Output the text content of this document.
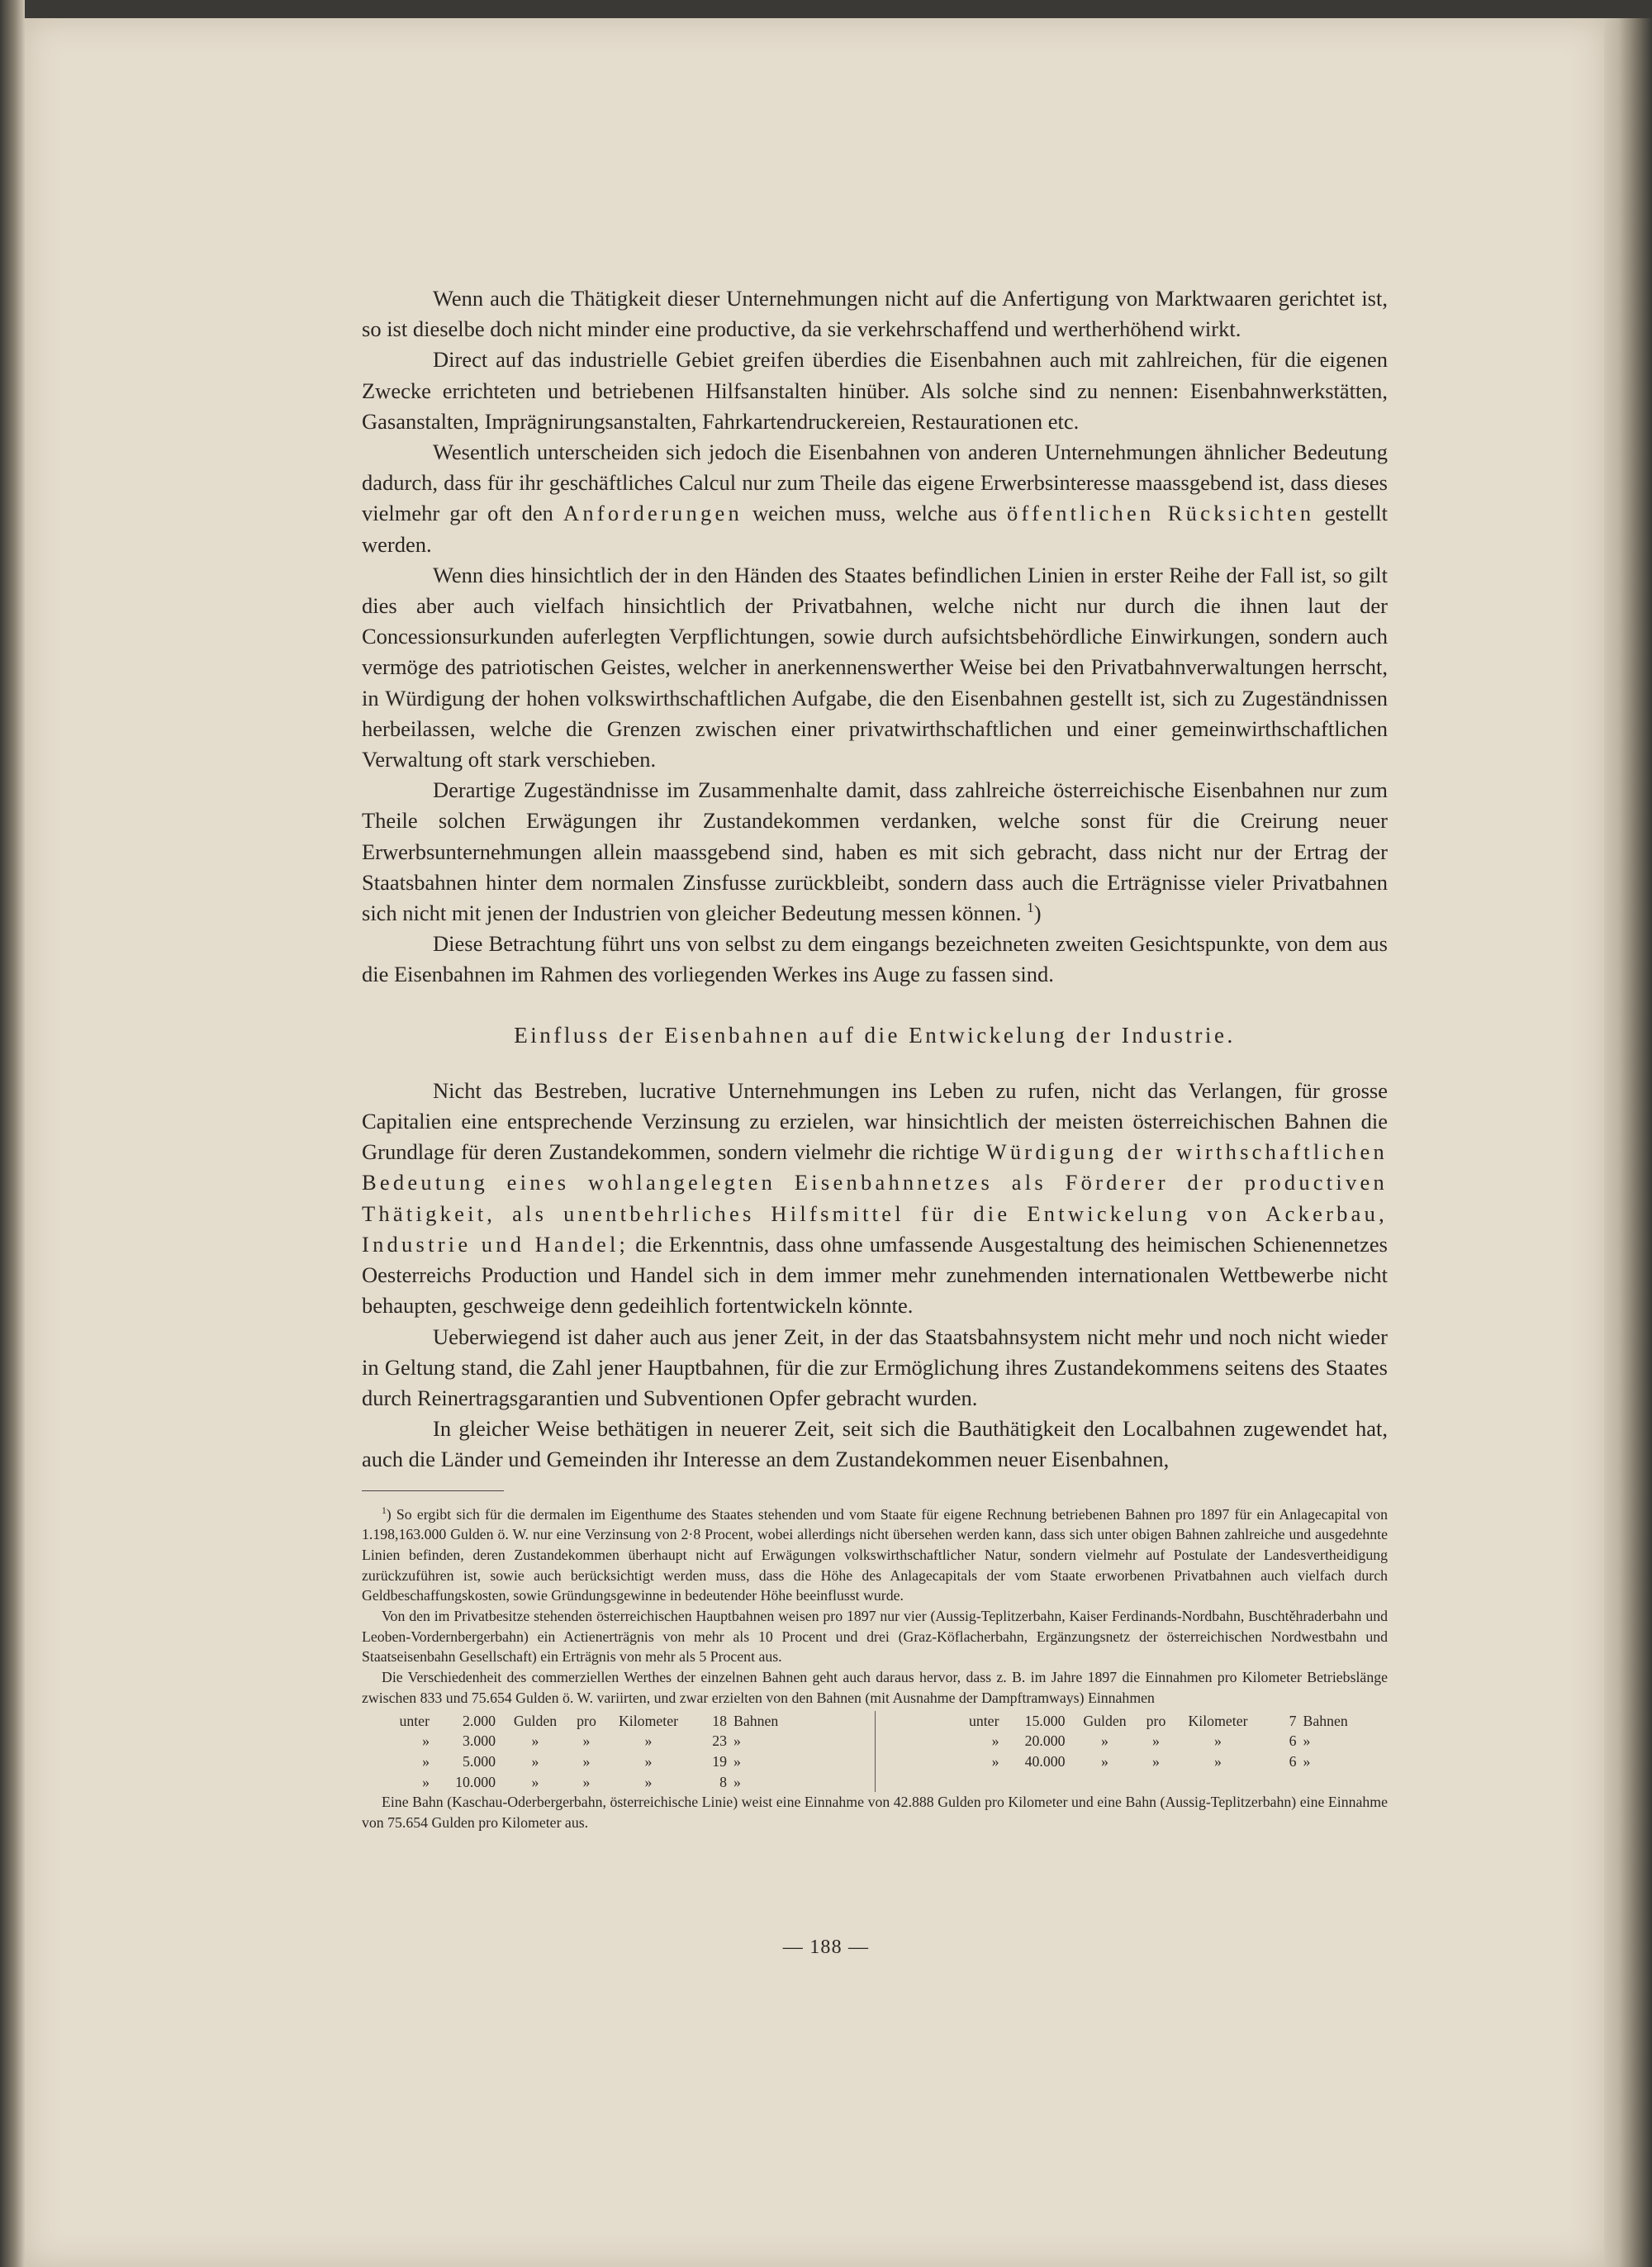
Wenn auch die Thätigkeit dieser Unternehmungen nicht auf die Anfertigung von Marktwaaren gerichtet ist, so ist dieselbe doch nicht minder eine productive, da sie verkehrschaffend und wertherhöhend wirkt.

Direct auf das industrielle Gebiet greifen überdies die Eisenbahnen auch mit zahlreichen, für die eigenen Zwecke errichteten und betriebenen Hilfsanstalten hinüber. Als solche sind zu nennen: Eisenbahnwerkstätten, Gasanstalten, Imprägnirungsanstalten, Fahrkartendruckereien, Restaurationen etc.

Wesentlich unterscheiden sich jedoch die Eisenbahnen von anderen Unternehmungen ähnlicher Bedeutung dadurch, dass für ihr geschäftliches Calcul nur zum Theile das eigene Erwerbsinteresse maassgebend ist, dass dieses vielmehr gar oft den Anforderungen weichen muss, welche aus öffentlichen Rücksichten gestellt werden.

Wenn dies hinsichtlich der in den Händen des Staates befindlichen Linien in erster Reihe der Fall ist, so gilt dies aber auch vielfach hinsichtlich der Privatbahnen, welche nicht nur durch die ihnen laut der Concessionsurkunden auferlegten Verpflichtungen, sowie durch aufsichtsbehördliche Einwirkungen, sondern auch vermöge des patriotischen Geistes, welcher in anerkennenswerther Weise bei den Privatbahnverwaltungen herrscht, in Würdigung der hohen volkswirthschaftlichen Aufgabe, die den Eisenbahnen gestellt ist, sich zu Zugeständnissen herbeilassen, welche die Grenzen zwischen einer privatwirthschaftlichen und einer gemeinwirthschaftlichen Verwaltung oft stark verschieben.

Derartige Zugeständnisse im Zusammenhalte damit, dass zahlreiche österreichische Eisenbahnen nur zum Theile solchen Erwägungen ihr Zustandekommen verdanken, welche sonst für die Creirung neuer Erwerbsunternehmungen allein maassgebend sind, haben es mit sich gebracht, dass nicht nur der Ertrag der Staatsbahnen hinter dem normalen Zinsfusse zurückbleibt, sondern dass auch die Erträgnisse vieler Privatbahnen sich nicht mit jenen der Industrien von gleicher Bedeutung messen können. $^1$)

Diese Betrachtung führt uns von selbst zu dem eingangs bezeichneten zweiten Gesichtspunkte, von dem aus die Eisenbahnen im Rahmen des vorliegenden Werkes ins Auge zu fassen sind.

Einfluss der Eisenbahnen auf die Entwickelung der Industrie.

Nicht das Bestreben, lucrative Unternehmungen ins Leben zu rufen, nicht das Verlangen, für grosse Capitalien eine entsprechende Verzinsung zu erzielen, war hinsichtlich der meisten österreichischen Bahnen die Grundlage für deren Zustandekommen, sondern vielmehr die richtige Würdigung der wirthschaftlichen Bedeutung eines wohlangelegten Eisenbahnnetzes als Förderer der productiven Thätigkeit, als unentbehrliches Hilfsmittel für die Entwickelung von Ackerbau, Industrie und Handel; die Erkenntnis, dass ohne umfassende Ausgestaltung des heimischen Schienennetzes Oesterreichs Production und Handel sich in dem immer mehr zunehmenden internationalen Wettbewerbe nicht behaupten, geschweige denn gedeihlich fortentwickeln könnte.

Ueberwiegend ist daher auch aus jener Zeit, in der das Staatsbahnsystem nicht mehr und noch nicht wieder in Geltung stand, die Zahl jener Hauptbahnen, für die zur Ermöglichung ihres Zustandekommens seitens des Staates durch Reinertragsgarantien und Subventionen Opfer gebracht wurden.

In gleicher Weise bethätigen in neuerer Zeit, seit sich die Bauthätigkeit den Localbahnen zugewendet hat, auch die Länder und Gemeinden ihr Interesse an dem Zustandekommen neuer Eisenbahnen,

$^1$) So ergibt sich für die dermalen im Eigenthume des Staates stehenden und vom Staate für eigene Rechnung betriebenen Bahnen pro 1897 für ein Anlagecapital von 1.198,163.000 Gulden ö. W. nur eine Verzinsung von 2·8 Procent, wobei allerdings nicht übersehen werden kann, dass sich unter obigen Bahnen zahlreiche und ausgedehnte Linien befinden, deren Zustandekommen überhaupt nicht auf Erwägungen volkswirthschaftlicher Natur, sondern vielmehr auf Postulate der Landesvertheidigung zurückzuführen ist, sowie auch berücksichtigt werden muss, dass die Höhe des Anlagecapitals der vom Staate erworbenen Privatbahnen auch vielfach durch Geldbeschaffungskosten, sowie Gründungsgewinne in bedeutender Höhe beeinflusst wurde.

Von den im Privatbesitze stehenden österreichischen Hauptbahnen weisen pro 1897 nur vier (Aussig-Teplitzerbahn, Kaiser Ferdinands-Nordbahn, Buschtěhraderbahn und Leoben-Vordernbergerbahn) ein Actienerträgnis von mehr als 10 Procent und drei (Graz-Köflacherbahn, Ergänzungsnetz der österreichischen Nordwestbahn und Staatseisenbahn Gesellschaft) ein Erträgnis von mehr als 5 Procent aus.

Die Verschiedenheit des commerziellen Werthes der einzelnen Bahnen geht auch daraus hervor, dass z. B. im Jahre 1897 die Einnahmen pro Kilometer Betriebslänge zwischen 833 und 75.654 Gulden ö. W. variirten, und zwar erzielten von den Bahnen (mit Ausnahme der Dampftramways) Einnahmen

unter	2.000	Gulden	pro	Kilometer	18 Bahnen
»	3.000	»	»	»	23 »
»	5.000	»	»	»	19 »
»	10.000	»	»	»	8 »
unter	15.000	Gulden	pro	Kilometer	7 Bahnen
»	20.000	»	»	»	6 »
»	40.000	»	»	»	6 »

Eine Bahn (Kaschau-Oderbergerbahn, österreichische Linie) weist eine Einnahme von 42.888 Gulden pro Kilometer und eine Bahn (Aussig-Teplitzerbahn) eine Einnahme von 75.654 Gulden pro Kilometer aus.

— 188 —
